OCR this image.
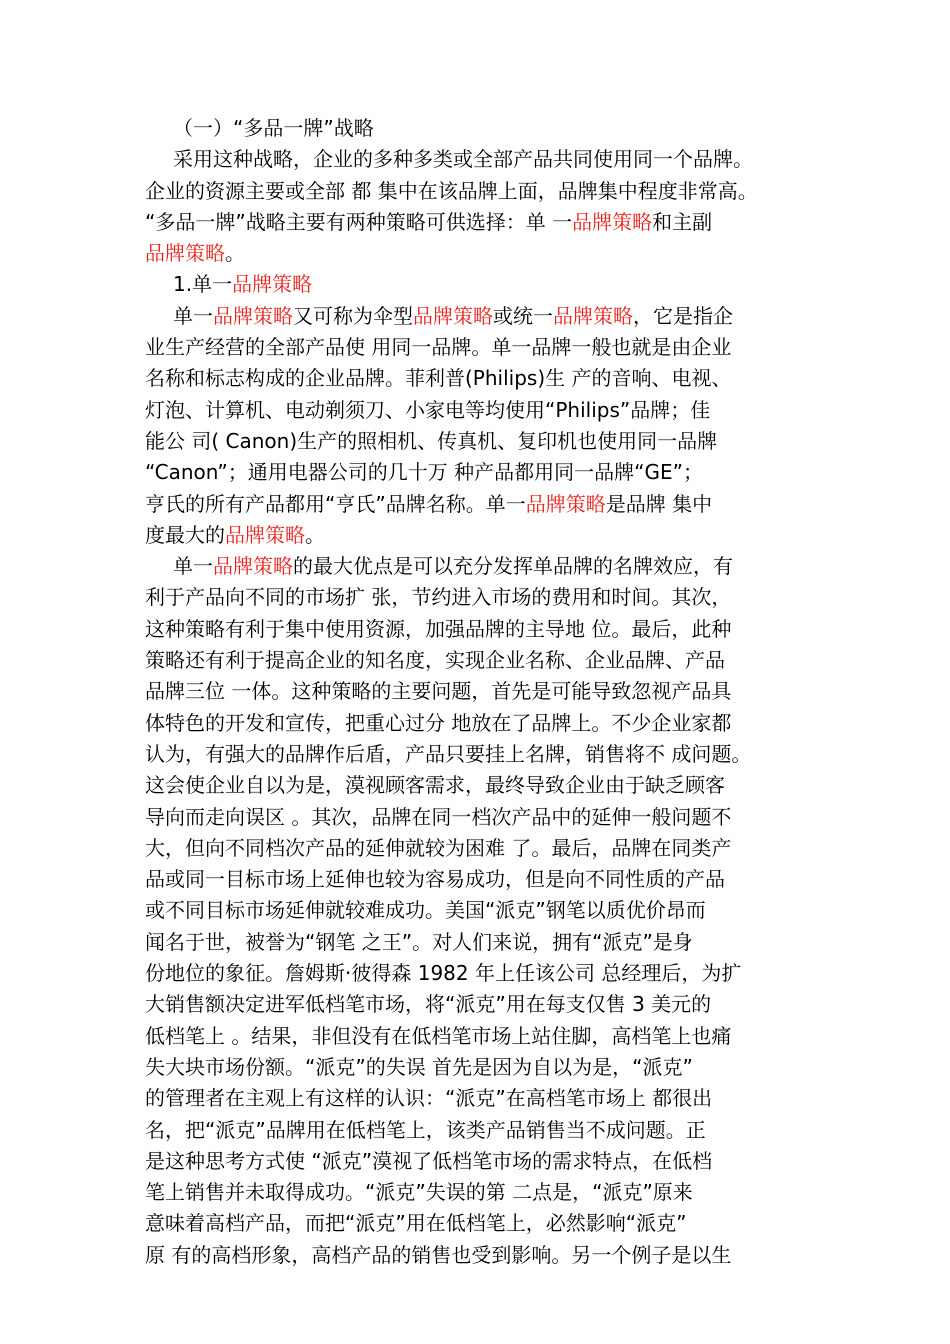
（一）“多品一牌”战略
采用这种战略，企业的多种多类或全部产品共同使用同一个品牌。
企业的资源主要或全部 都 集中在该品牌上面，品牌集中程度非常高。
“多品一牌”战略主要有两种策略可供选择：单 一品牌策略和主副
品牌策略。
1.单一品牌策略
单一品牌策略又可称为伞型品牌策略或统一品牌策略，它是指企
业生产经营的全部产品使 用同一品牌。单一品牌一般也就是由企业
名称和标志构成的企业品牌。菲利普(Philips)生 产的音响、电视、
灯泡、计算机、电动剃须刀、小家电等均使用“Philips”品牌；佳
能公 司( Canon)生产的照相机、传真机、复印机也使用同一品牌
“Canon”；通用电器公司的几十万 种产品都用同一品牌“GE”；
亨氏的所有产品都用“亨氏”品牌名称。单一品牌策略是品牌 集中
度最大的品牌策略。
单一品牌策略的最大优点是可以充分发挥单品牌的名牌效应，有
利于产品向不同的市场扩 张，节约进入市场的费用和时间。其次，
这种策略有利于集中使用资源，加强品牌的主导地 位。最后，此种
策略还有利于提高企业的知名度，实现企业名称、企业品牌、产品
品牌三位 一体。这种策略的主要问题，首先是可能导致忽视产品具
体特色的开发和宣传，把重心过分 地放在了品牌上。不少企业家都
认为，有强大的品牌作后盾，产品只要挂上名牌，销售将不 成问题。
这会使企业自以为是，漠视顾客需求，最终导致企业由于缺乏顾客
导向而走向误区 。其次，品牌在同一档次产品中的延伸一般问题不
大，但向不同档次产品的延伸就较为困难 了。最后，品牌在同类产
品或同一目标市场上延伸也较为容易成功，但是向不同性质的产品
或不同目标市场延伸就较难成功。美国“派克”钢笔以质优价昂而
闻名于世，被誉为“钢笔 之王”。对人们来说，拥有“派克”是身
份地位的象征。詹姆斯·彼得森 1982 年上任该公司 总经理后，为扩
大销售额决定进军低档笔市场，将“派克”用在每支仅售 3 美元的
低档笔上 。结果，非但没有在低档笔市场上站住脚，高档笔上也痛
失大块市场份额。“派克”的失误 首先是因为自以为是，“派克”
的管理者在主观上有这样的认识：“派克”在高档笔市场上 都很出
名，把“派克”品牌用在低档笔上，该类产品销售当不成问题。正
是这种思考方式使 “派克”漠视了低档笔市场的需求特点，在低档
笔上销售并未取得成功。“派克”失误的第 二点是，“派克”原来
意味着高档产品，而把“派克”用在低档笔上，必然影响“派克”
原 有的高档形象，高档产品的销售也受到影响。另一个例子是以生
